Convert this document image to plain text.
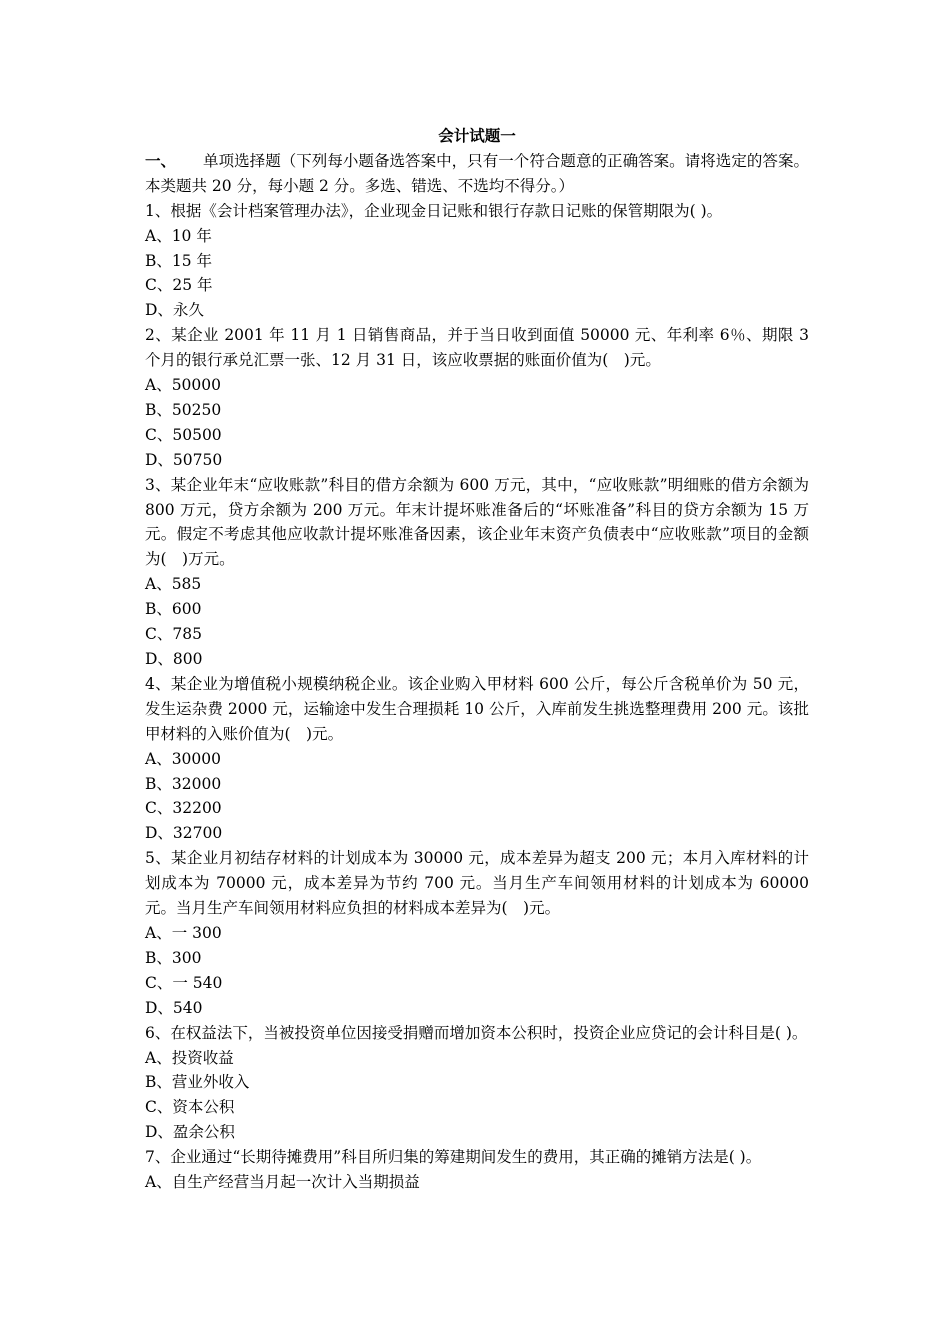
会计试题一
一、 单项选择题（下列每小题备选答案中，只有一个符合题意的正确答案。请将选定的答案。本类题共 20 分，每小题 2 分。多选、错选、不选均不得分。）
1、根据《会计档案管理办法》，企业现金日记账和银行存款日记账的保管期限为( )。
A、10 年
B、15 年
C、25 年
D、永久
2、某企业 2001 年 11 月 1 日销售商品，并于当日收到面值 50000 元、年利率 6％、期限 3 个月的银行承兑汇票一张、12 月 31 日，该应收票据的账面价值为(　)元。
A、50000
B、50250
C、50500
D、50750
3、某企业年末“应收账款”科目的借方余额为 600 万元，其中，“应收账款”明细账的借方余额为 800 万元，贷方余额为 200 万元。年末计提坏账准备后的“坏账准备”科目的贷方余额为 15 万元。假定不考虑其他应收款计提坏账准备因素，该企业年末资产负债表中“应收账款”项目的金额为(　)万元。
A、585
B、600
C、785
D、800
4、某企业为增值税小规模纳税企业。该企业购入甲材料 600 公斤，每公斤含税单价为 50 元，发生运杂费 2000 元，运输途中发生合理损耗 10 公斤，入库前发生挑选整理费用 200 元。该批甲材料的入账价值为(　)元。
A、30000
B、32000
C、32200
D、32700
5、某企业月初结存材料的计划成本为 30000 元，成本差异为超支 200 元；本月入库材料的计划成本为 70000 元，成本差异为节约 700 元。当月生产车间领用材料的计划成本为 60000 元。当月生产车间领用材料应负担的材料成本差异为(　)元。
A、一 300
B、300
C、一 540
D、540
6、在权益法下，当被投资单位因接受捐赠而增加资本公积时，投资企业应贷记的会计科目是( )。
A、投资收益
B、营业外收入
C、资本公积
D、盈余公积
7、企业通过“长期待摊费用”科目所归集的筹建期间发生的费用，其正确的摊销方法是( )。
A、自生产经营当月起一次计入当期损益
